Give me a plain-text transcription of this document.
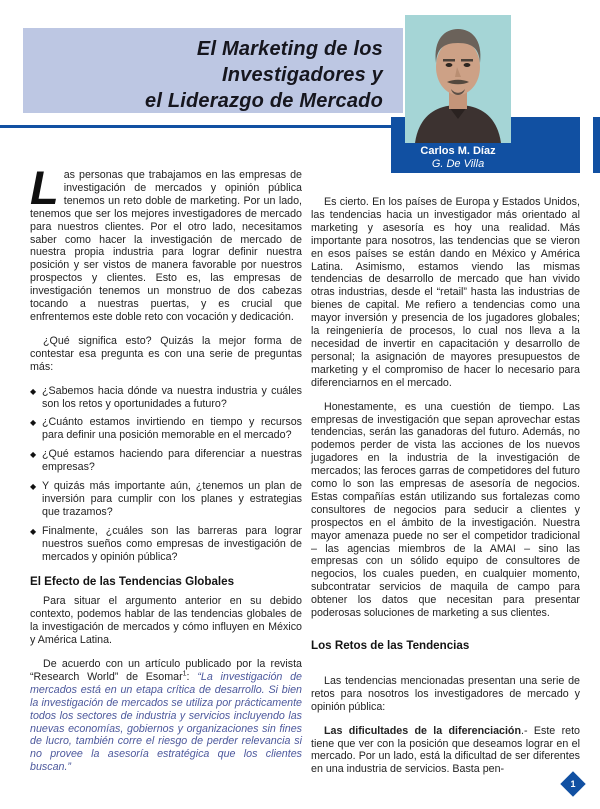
El Marketing de los
Investigadores y
el Liderazgo de Mercado
Carlos M. Díaz
G. De Villa

Las personas que trabajamos en las empresas de investigación de mercados y opinión pública tenemos un reto doble de marketing. Por un lado, tenemos que ser los mejores investigadores de mercado para nuestros clientes. Por el otro lado, necesitamos saber como hacer la investigación de mercado de nuestra propia industria para lograr definir nuestra posición y ser vistos de manera favorable por nuestros prospectos y clientes. Esto es, las empresas de investigación tenemos un monstruo de dos cabezas tocando a nuestras puertas, y es crucial que enfrentemos este doble reto con vocación y dedicación.

¿Qué significa esto? Quizás la mejor forma de contestar esa pregunta es con una serie de preguntas más:

◆ ¿Sabemos hacia dónde va nuestra industria y cuáles son los retos y oportunidades a futuro?
◆ ¿Cuánto estamos invirtiendo en tiempo y recursos para definir una posición memorable en el mercado?
◆ ¿Qué estamos haciendo para diferenciar a nuestras empresas?
◆ Y quizás más importante aún, ¿tenemos un plan de inversión para cumplir con los planes y estrategias que trazamos?
◆ Finalmente, ¿cuáles son las barreras para lograr nuestros sueños como empresas de investigación de mercados y opinión pública?
El Efecto de las Tendencias Globales

Para situar el argumento anterior en su debido contexto, podemos hablar de las tendencias globales de la investigación de mercados y cómo influyen en México y América Latina.

De acuerdo con un artículo publicado por la revista “Research World” de Esomar$^1$: “La investigación de mercados está en un etapa crítica de desarrollo. Si bien la investigación de mercados se utiliza por prácticamente todos los sectores de industria y servicios incluyendo las nuevas economías, gobiernos y organizaciones sin fines de lucro, también corre el riesgo de perder relevancia si no provee la asesoría estratégica que los clientes buscan.”

Es cierto. En los países de Europa y Estados Unidos, las tendencias hacia un investigador más orientado al marketing y asesoría es hoy una realidad. Más importante para nosotros, las tendencias que se vieron en esos países se están dando en México y América Latina. Asimismo, estamos viendo las mismas tendencias de desarrollo de mercado que han vivido otras industrias, desde el “retail” hasta las industrias de bienes de capital. Me refiero a tendencias como una mayor inversión y presencia de los jugadores globales; la reingeniería de procesos, lo cual nos lleva a la necesidad de invertir en capacitación y desarrollo de personal; la asignación de mayores presupuestos de marketing y el compromiso de hacer lo necesario para diferenciarnos en el mercado.

Honestamente, es una cuestión de tiempo. Las empresas de investigación que sepan aprovechar estas tendencias, serán las ganadoras del futuro. Además, no podemos perder de vista las acciones de los nuevos jugadores en la industria de la investigación de mercados; las feroces garras de competidores del futuro como lo son las empresas de asesoría de negocios. Estas compañías están utilizando sus fortalezas como consultores de negocios para seducir a clientes y prospectos en el ámbito de la investigación. Nuestra mayor amenaza puede no ser el competidor tradicional – las agencias miembros de la AMAI – sino las empresas con un sólido equipo de consultores de negocios, los cuales pueden, en cualquier momento, subcontratar servicios de maquila de campo para obtener los datos que necesitan para presentar poderosas soluciones de marketing a sus clientes.

Los Retos de las Tendencias

Las tendencias mencionadas presentan una serie de retos para nosotros los investigadores de mercado y opinión pública:

Las dificultades de la diferenciación.- Este reto tiene que ver con la posición que deseamos lograr en el mercado. Por un lado, está la dificultad de ser diferentes en una industria de servicios. Basta pen-

1
